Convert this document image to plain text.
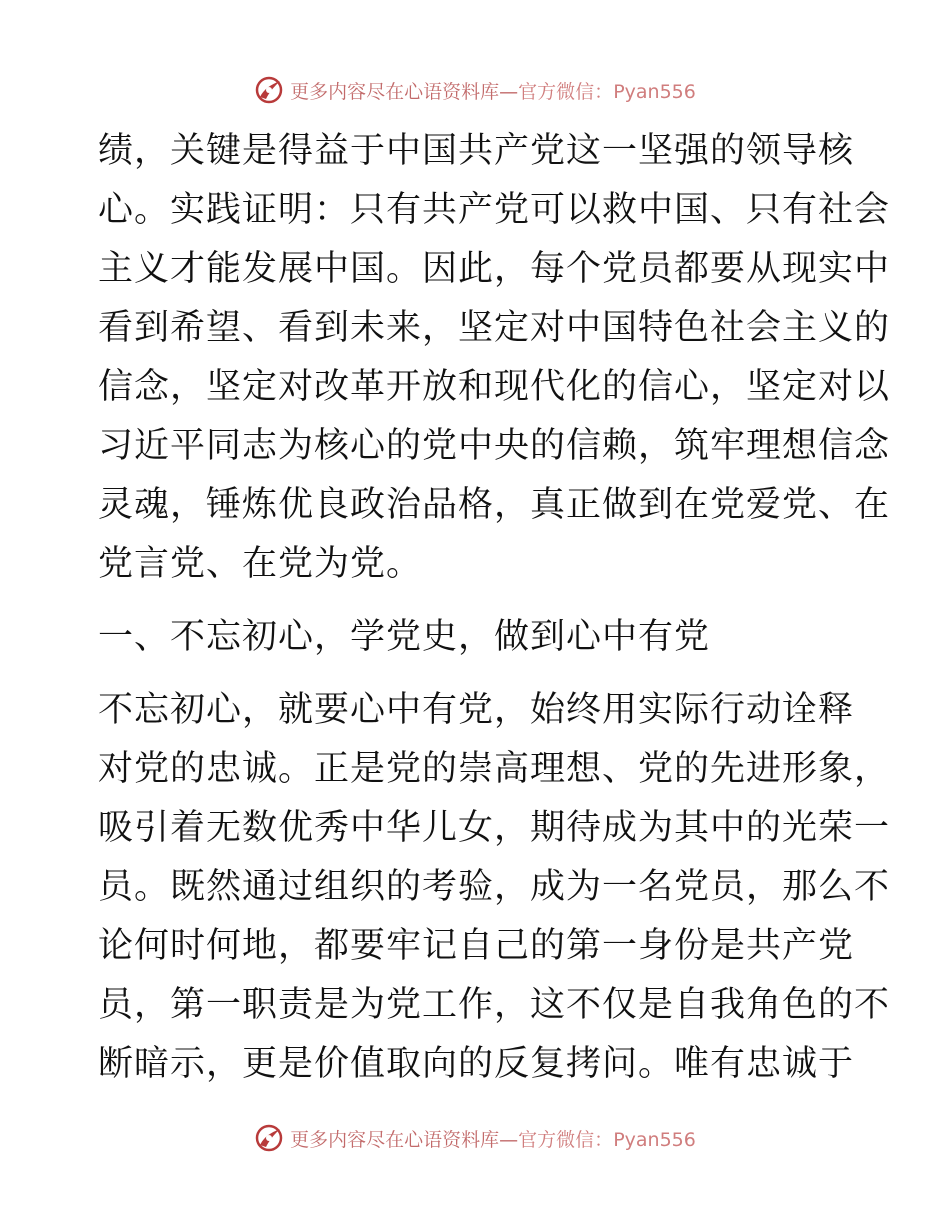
更多内容尽在心语资料库—官方微信：Pyan556
绩，关键是得益于中国共产党这一坚强的领导核
心。实践证明：只有共产党可以救中国、只有社会
主义才能发展中国。因此，每个党员都要从现实中
看到希望、看到未来，坚定对中国特色社会主义的
信念，坚定对改革开放和现代化的信心，坚定对以
习近平同志为核心的党中央的信赖，筑牢理想信念
灵魂，锤炼优良政治品格，真正做到在党爱党、在
党言党、在党为党。
一、不忘初心，学党史，做到心中有党
不忘初心，就要心中有党，始终用实际行动诠释
对党的忠诚。正是党的崇高理想、党的先进形象，
吸引着无数优秀中华儿女，期待成为其中的光荣一
员。既然通过组织的考验，成为一名党员，那么不
论何时何地，都要牢记自己的第一身份是共产党
员，第一职责是为党工作，这不仅是自我角色的不
断暗示，更是价值取向的反复拷问。唯有忠诚于
更多内容尽在心语资料库—官方微信：Pyan556
